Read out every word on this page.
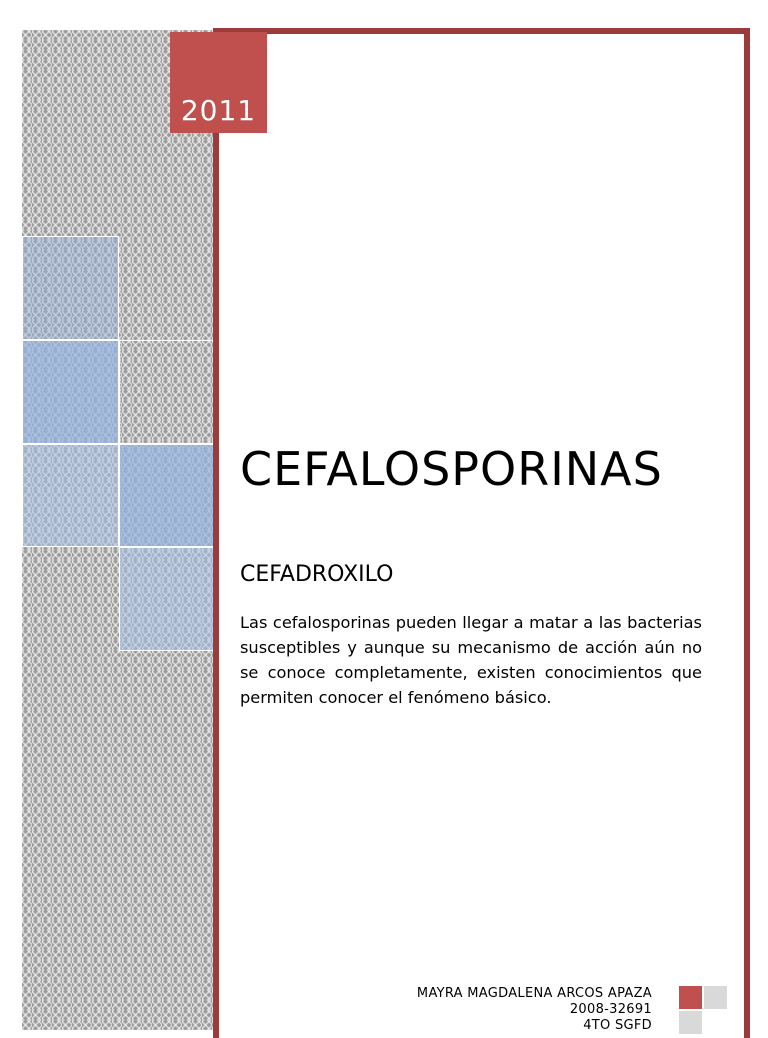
2011
CEFALOSPORINAS
CEFADROXILO
Las cefalosporinas pueden llegar a matar a las bacterias susceptibles y aunque su mecanismo de acción aún no se conoce completamente, existen conocimientos que permiten conocer el fenómeno básico.
MAYRA MAGDALENA ARCOS APAZA
2008-32691
4TO SGFD
